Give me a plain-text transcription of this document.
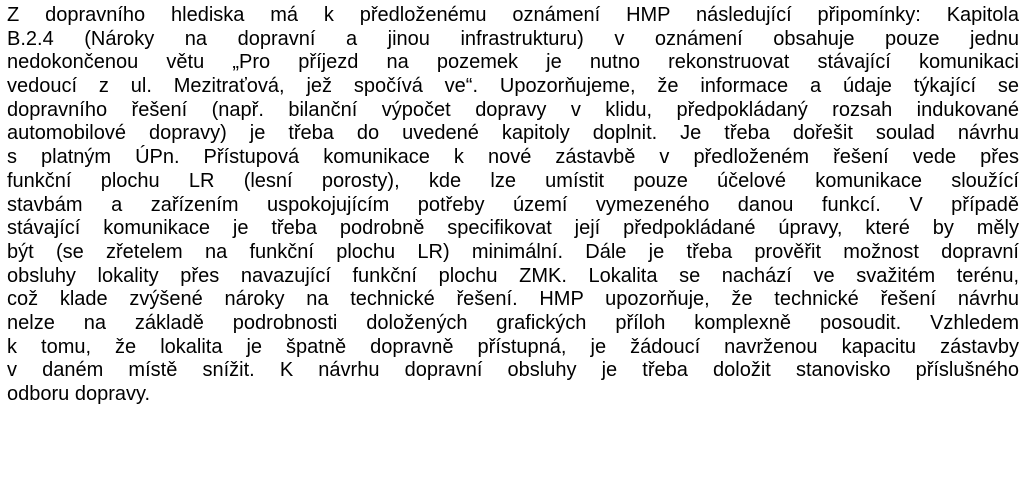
Z dopravního hlediska má k předloženému oznámení HMP následující připomínky: Kapitola
B.2.4 (Nároky na dopravní a jinou infrastrukturu) v oznámení obsahuje pouze jednu
nedokončenou větu „Pro příjezd na pozemek je nutno rekonstruovat stávající komunikaci
vedoucí z ul. Mezitraťová, jež spočívá ve“. Upozorňujeme, že informace a údaje týkající se
dopravního řešení (např. bilanční výpočet dopravy v klidu, předpokládaný rozsah indukované
automobilové dopravy) je třeba do uvedené kapitoly doplnit. Je třeba dořešit soulad návrhu
s platným ÚPn. Přístupová komunikace k nové zástavbě v předloženém řešení vede přes
funkční plochu LR (lesní porosty), kde lze umístit pouze účelové komunikace sloužící
stavbám a zařízením uspokojujícím potřeby území vymezeného danou funkcí. V případě
stávající komunikace je třeba podrobně specifikovat její předpokládané úpravy, které by měly
být (se zřetelem na funkční plochu LR) minimální. Dále je třeba prověřit možnost dopravní
obsluhy lokality přes navazující funkční plochu ZMK. Lokalita se nachází ve svažitém terénu,
což klade zvýšené nároky na technické řešení. HMP upozorňuje, že technické řešení návrhu
nelze na základě podrobnosti doložených grafických příloh komplexně posoudit. Vzhledem
k tomu, že lokalita je špatně dopravně přístupná, je žádoucí navrženou kapacitu zástavby
v daném místě snížit. K návrhu dopravní obsluhy je třeba doložit stanovisko příslušného
odboru dopravy.
